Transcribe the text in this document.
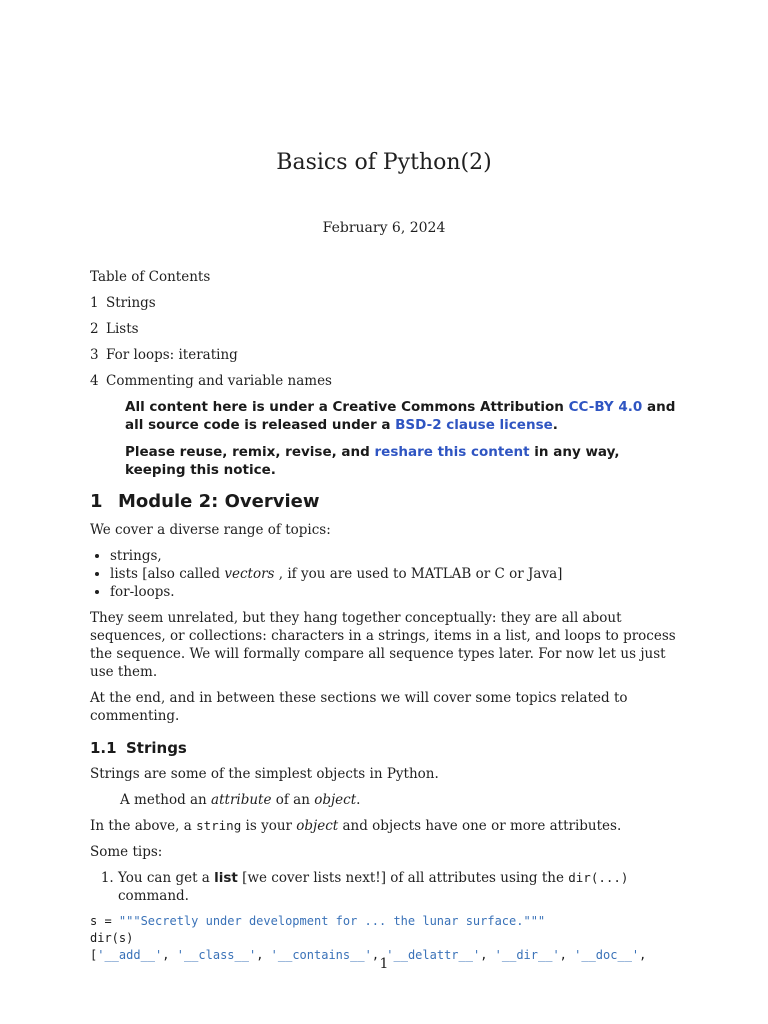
Basics of Python(2)
February 6, 2024
Table of Contents
1 Strings
2 Lists
3 For loops: iterating
4 Commenting and variable names

All content here is under a Creative Commons Attribution CC-BY 4.0 and all source code is released under a BSD-2 clause license.

Please reuse, remix, revise, and reshare this content in any way, keeping this notice.

1 Module 2: Overview

We cover a diverse range of topics:

• strings,
• lists [also called vectors , if you are used to MATLAB or C or Java]
• for-loops.

They seem unrelated, but they hang together conceptually: they are all about sequences, or collections: characters in a strings, items in a list, and loops to process the sequence. We will formally compare all sequence types later. For now let us just use them.

At the end, and in between these sections we will cover some topics related to commenting.

1.1 Strings

Strings are some of the simplest objects in Python.

A method an attribute of an object.

In the above, a string is your object and objects have one or more attributes.

Some tips:

1. You can get a list [we cover lists next!] of all attributes using the dir(...) command.
s = """Secretly under development for ... the lunar surface."""
dir(s)
['__add__', '__class__', '__contains__', '__delattr__', '__dir__', '__doc__',
1
